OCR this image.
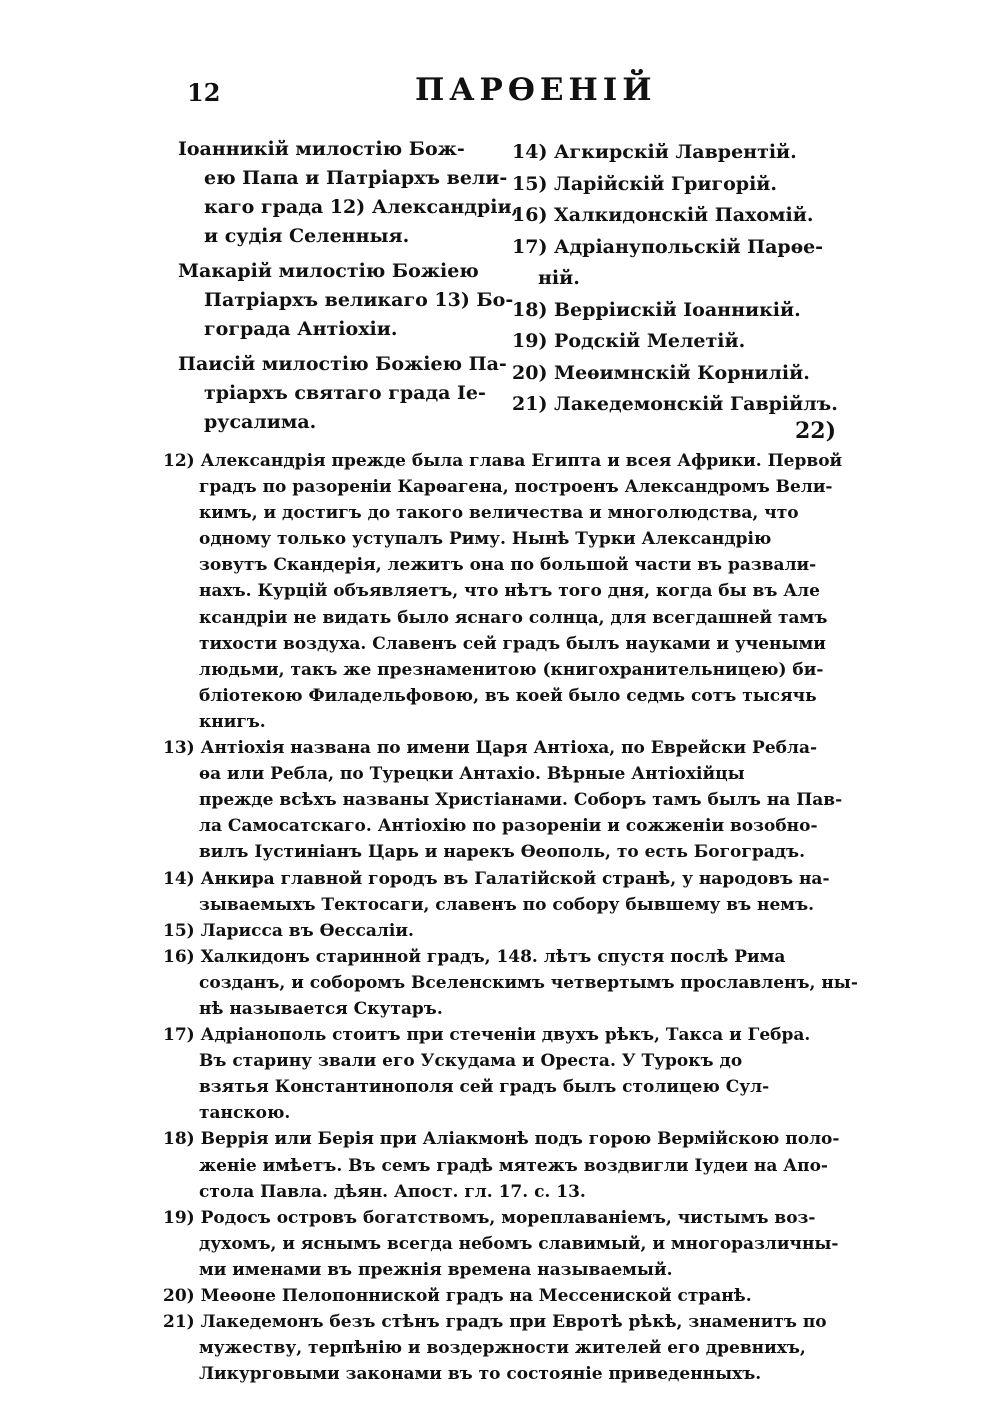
12	ПАРѲЕНІЙ
Іоанникій милостію Бож-
ею Папа и Патріархъ вели-
каго града 12) Александріи,
и судія Селенныя.
Макарій милостію Божіею
Патріархъ великаго 13) Бо-
гограда Антіохіи.
Паисій милостію Божіею Па-
тріархъ святаго града Іе-
русалима.
14) Агкирскій Лаврентій.
15) Ларійскій Григорій.
16) Халкидонскій Пахомій.
17) Адріанупольскій Парѳе-
ній.
18) Верріискій Іоанникій.
19) Родскій Мелетій.
20) Меѳимнскій Корнилій.
21) Лакедемонскій Гаврійлъ.
22)
12) Александрія прежде была глава Египта и всея Африки. Первой
градъ по разореніи Карѳагена, построенъ Александромъ Вели-
кимъ, и достигъ до такого величества и многолюдства, что
одному только уступалъ Риму. Нынѣ Турки Александрію
зовутъ Скандерія, лежитъ она по большой части въ развали-
нахъ. Курцій объявляетъ, что нѣтъ того дня, когда бы въ Але
ксандріи не видать было яснаго солнца, для всегдашней тамъ
тихости воздуха. Славенъ сей градъ былъ науками и учеными
людьми, такъ же презнаменитою (книгохранительницею) би-
бліотекою Филадельфовою, въ коей было седмь сотъ тысячь
книгъ.
13) Антіохія названа по имени Царя Антіоха, по Еврейски Ребла-
ѳа или Ребла, по Турецки Антахіо. Вѣрные Антіохійцы
прежде всѣхъ названы Христіанами. Соборъ тамъ былъ на Пав-
ла Самосатскаго. Антіохію по разореніи и сожженіи возобно-
вилъ Іустиніанъ Царь и нарекъ Ѳеополь, то есть Богоградъ.
14) Анкира главной городъ въ Галатійской странѣ, у народовъ на-
зываемыхъ Тектосаги, славенъ по собору бывшему въ немъ.
15) Ларисса въ Ѳессаліи.
16) Халкидонъ старинной градъ, 148. лѣтъ спустя послѣ Рима
созданъ, и соборомъ Вселенскимъ четвертымъ прославленъ, ны-
нѣ называется Скутаръ.
17) Адріанополь стоитъ при стеченіи двухъ рѣкъ, Такса и Гебра.
Въ старину звали его Ускудама и Ореста. У Турокъ до
взятья Константинополя сей градъ былъ столицею Сул-
танскою.
18) Веррія или Берія при Аліакмонѣ подъ горою Вермійскою поло-
женіе имѣетъ. Въ семъ градѣ мятежъ воздвигли Іудеи на Апо-
стола Павла. дѣян. Апост. гл. 17. с. 13.
19) Родосъ островъ богатствомъ, мореплаваніемъ, чистымъ воз-
духомъ, и яснымъ всегда небомъ славимый, и многоразличны-
ми именами въ прежнія времена называемый.
20) Меѳоне Пелопонниской градъ на Мессениской странѣ.
21) Лакедемонъ безъ стѣнъ градъ при Евротѣ рѣкѣ, знаменитъ по
мужеству, терпѣнію и воздержности жителей его древнихъ,
Ликурговыми законами въ то состояніе приведенныхъ.
